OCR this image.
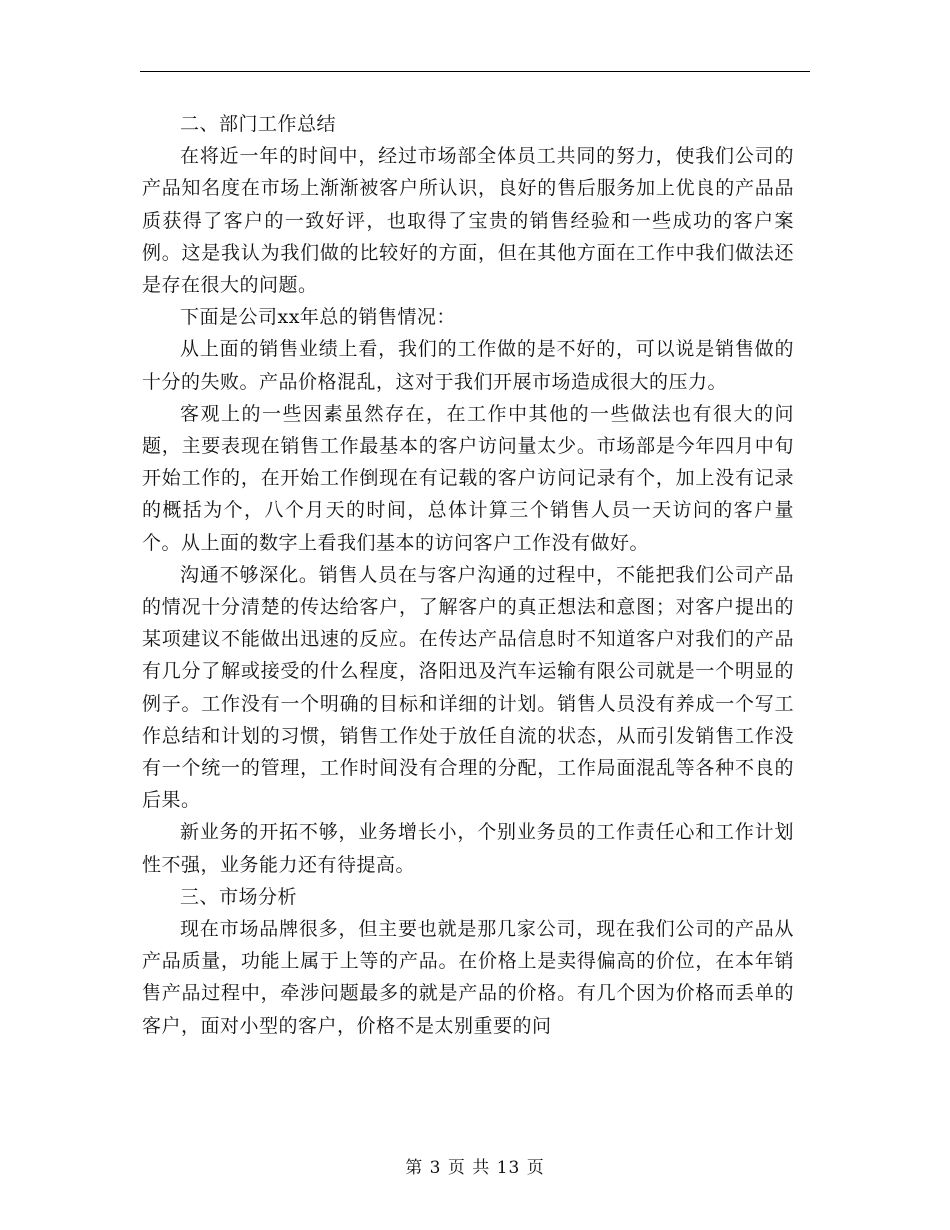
二、部门工作总结

在将近一年的时间中，经过市场部全体员工共同的努力，使我们公司的产品知名度在市场上渐渐被客户所认识，良好的售后服务加上优良的产品品质获得了客户的一致好评，也取得了宝贵的销售经验和一些成功的客户案例。这是我认为我们做的比较好的方面，但在其他方面在工作中我们做法还是存在很大的问题。

下面是公司xx年总的销售情况：

从上面的销售业绩上看，我们的工作做的是不好的，可以说是销售做的十分的失败。产品价格混乱，这对于我们开展市场造成很大的压力。

客观上的一些因素虽然存在，在工作中其他的一些做法也有很大的问题，主要表现在销售工作最基本的客户访问量太少。市场部是今年四月中旬开始工作的，在开始工作倒现在有记载的客户访问记录有个，加上没有记录的概括为个，八个月天的时间，总体计算三个销售人员一天访问的客户量个。从上面的数字上看我们基本的访问客户工作没有做好。

沟通不够深化。销售人员在与客户沟通的过程中，不能把我们公司产品的情况十分清楚的传达给客户，了解客户的真正想法和意图；对客户提出的某项建议不能做出迅速的反应。在传达产品信息时不知道客户对我们的产品有几分了解或接受的什么程度，洛阳迅及汽车运输有限公司就是一个明显的例子。工作没有一个明确的目标和详细的计划。销售人员没有养成一个写工作总结和计划的习惯，销售工作处于放任自流的状态，从而引发销售工作没有一个统一的管理，工作时间没有合理的分配，工作局面混乱等各种不良的后果。

新业务的开拓不够，业务增长小，个别业务员的工作责任心和工作计划性不强，业务能力还有待提高。

三、市场分析

现在市场品牌很多，但主要也就是那几家公司，现在我们公司的产品从产品质量，功能上属于上等的产品。在价格上是卖得偏高的价位，在本年销售产品过程中，牵涉问题最多的就是产品的价格。有几个因为价格而丢单的客户，面对小型的客户，价格不是太别重要的问

第 3 页 共 13 页
